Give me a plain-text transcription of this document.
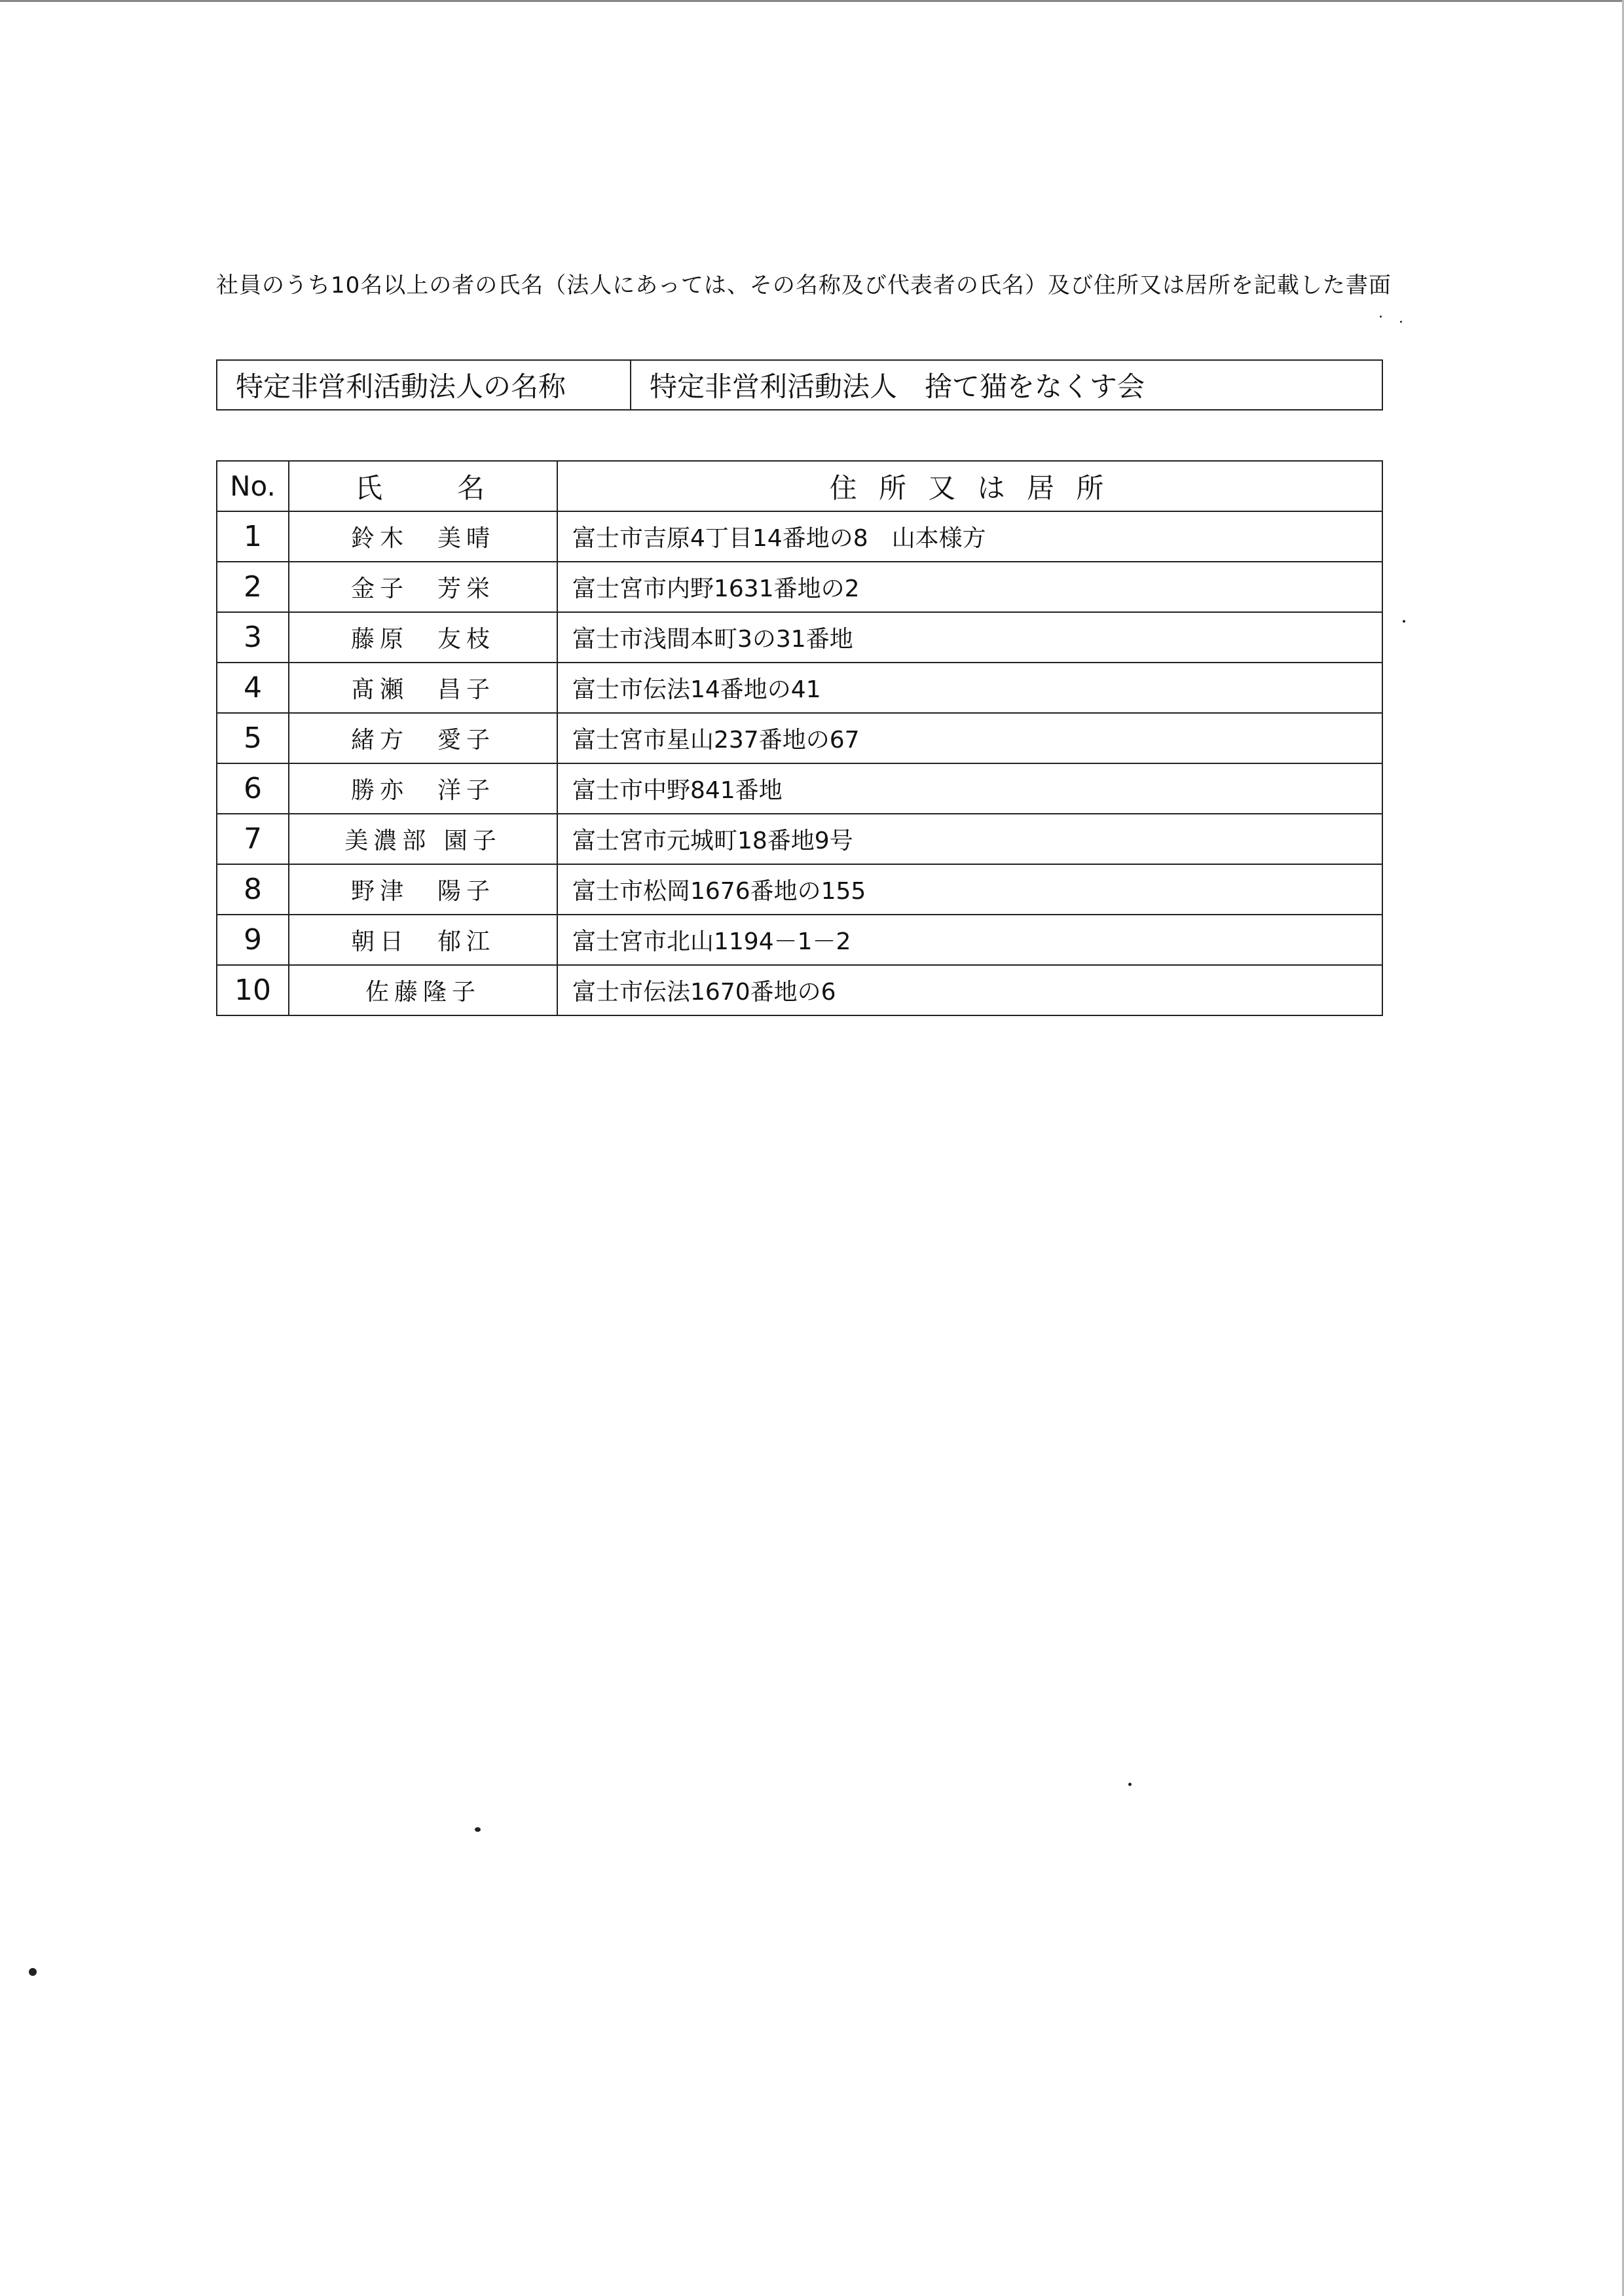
社員のうち10名以上の者の氏名（法人にあっては、その名称及び代表者の氏名）及び住所又は居所を記載した書面
特定非営利活動法人の名称	特定非営利活動法人　捨て猫をなくす会
No.	氏　　名	住 所 又 は 居 所
1	鈴木　美晴	富士市吉原4丁目14番地の8　山本様方
2	金子　芳栄	富士宮市内野1631番地の2
3	藤原　友枝	富士市浅間本町3の31番地
4	髙瀬　昌子	富士市伝法14番地の41
5	緒方　愛子	富士宮市星山237番地の67
6	勝亦　洋子	富士市中野841番地
7	美濃部 園子	富士宮市元城町18番地9号
8	野津　陽子	富士市松岡1676番地の155
9	朝日　郁江	富士宮市北山1194－1－2
10	佐藤隆子	富士市伝法1670番地の6
